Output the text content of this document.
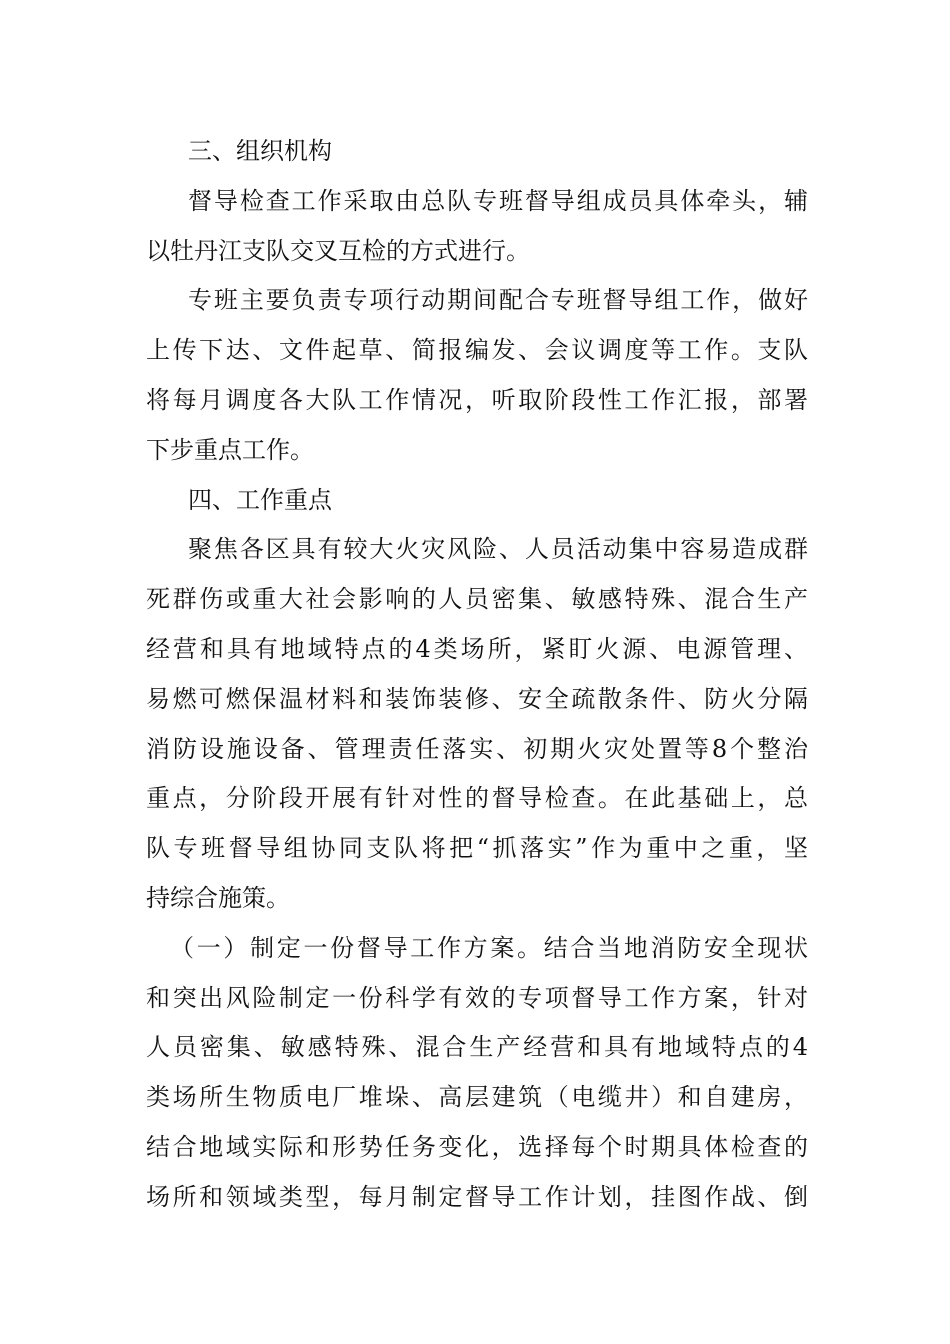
三、组织机构
督导检查工作采取由总队专班督导组成员具体牵头，辅
以牡丹江支队交叉互检的方式进行。
专班主要负责专项行动期间配合专班督导组工作，做好
上传下达、文件起草、简报编发、会议调度等工作。支队
将每月调度各大队工作情况，听取阶段性工作汇报，部署
下步重点工作。
四、工作重点
聚焦各区具有较大火灾风险、人员活动集中容易造成群
死群伤或重大社会影响的人员密集、敏感特殊、混合生产
经营和具有地域特点的4类场所，紧盯火源、电源管理、
易燃可燃保温材料和装饰装修、安全疏散条件、防火分隔
消防设施设备、管理责任落实、初期火灾处置等8个整治
重点，分阶段开展有针对性的督导检查。在此基础上，总
队专班督导组协同支队将把“抓落实”作为重中之重，坚
持综合施策。
（一）制定一份督导工作方案。结合当地消防安全现状
和突出风险制定一份科学有效的专项督导工作方案，针对
人员密集、敏感特殊、混合生产经营和具有地域特点的4
类场所生物质电厂堆垛、高层建筑（电缆井）和自建房，
结合地域实际和形势任务变化，选择每个时期具体检查的
场所和领域类型，每月制定督导工作计划，挂图作战、倒
